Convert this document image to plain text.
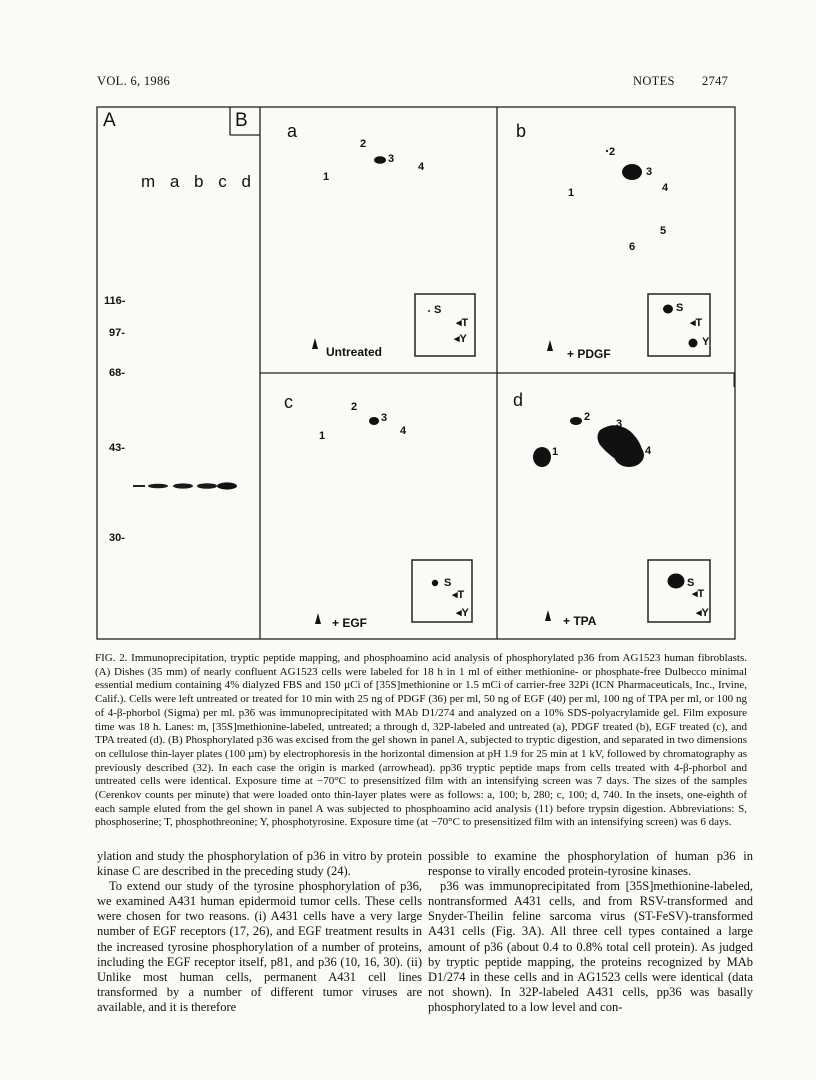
VOL. 6, 1986	NOTES 2747
A
m a b c d
116-
97-
68-
43-
30-
B a
2
3
1
4
Untreated
S
◂T
◂Y
b
2
3
1	4
5
6
+ PDGF
S
◂T
Y
c	2
3
1	4
+ EGF
S
◂T
◂Y
d
2
3
1	4
+ TPA
S
◂T
◂Y
FIG. 2. Immunoprecipitation, tryptic peptide mapping, and phosphoamino acid analysis of phosphorylated p36 from AG1523 human fibroblasts. (A) Dishes (35 mm) of nearly confluent AG1523 cells were labeled for 18 h in 1 ml of either methionine- or phosphate-free Dulbecco minimal essential medium containing 4% dialyzed FBS and 150 µCi of [35S]methionine or 1.5 mCi of carrier-free 32Pi (ICN Pharmaceuticals, Inc., Irvine, Calif.). Cells were left untreated or treated for 10 min with 25 ng of PDGF (36) per ml, 50 ng of EGF (40) per ml, 100 ng of TPA per ml, or 100 ng of 4-β-phorbol (Sigma) per ml. p36 was immunoprecipitated with MAb D1/274 and analyzed on a 10% SDS-polyacrylamide gel. Film exposure time was 18 h. Lanes: m, [35S]methionine-labeled, untreated; a through d, 32P-labeled and untreated (a), PDGF treated (b), EGF treated (c), and TPA treated (d). (B) Phosphorylated p36 was excised from the gel shown in panel A, subjected to tryptic digestion, and separated in two dimensions on cellulose thin-layer plates (100 µm) by electrophoresis in the horizontal dimension at pH 1.9 for 25 min at 1 kV, followed by chromatography as previously described (32). In each case the origin is marked (arrowhead). pp36 tryptic peptide maps from cells treated with 4-β-phorbol and untreated cells were identical. Exposure time at −70°C to presensitized film with an intensifying screen was 7 days. The sizes of the samples (Cerenkov counts per minute) that were loaded onto thin-layer plates were as follows: a, 100; b, 280; c, 100; d, 740. In the insets, one-eighth of each sample eluted from the gel shown in panel A was subjected to phosphoamino acid analysis (11) before trypsin digestion. Abbreviations: S, phosphoserine; T, phosphothreonine; Y, phosphotyrosine. Exposure time (at −70°C to presensitized film with an intensifying screen) was 6 days.

ylation and study the phosphorylation of p36 in vitro by protein kinase C are described in the preceding study (24).

To extend our study of the tyrosine phosphorylation of p36, we examined A431 human epidermoid tumor cells. These cells were chosen for two reasons. (i) A431 cells have a very large number of EGF receptors (17, 26), and EGF treatment results in the increased tyrosine phosphorylation of a number of proteins, including the EGF receptor itself, p81, and p36 (10, 16, 30). (ii) Unlike most human cells, permanent A431 cell lines transformed by a number of different tumor viruses are available, and it is therefore

possible to examine the phosphorylation of human p36 in response to virally encoded protein-tyrosine kinases.

p36 was immunoprecipitated from [35S]methionine-labeled, nontransformed A431 cells, and from RSV-transformed and Snyder-Theilin feline sarcoma virus (ST-FeSV)-transformed A431 cells (Fig. 3A). All three cell types contained a large amount of p36 (about 0.4 to 0.8% total cell protein). As judged by tryptic peptide mapping, the proteins recognized by MAb D1/274 in these cells and in AG1523 cells were identical (data not shown). In 32P-labeled A431 cells, pp36 was basally phosphorylated to a low level and con-
